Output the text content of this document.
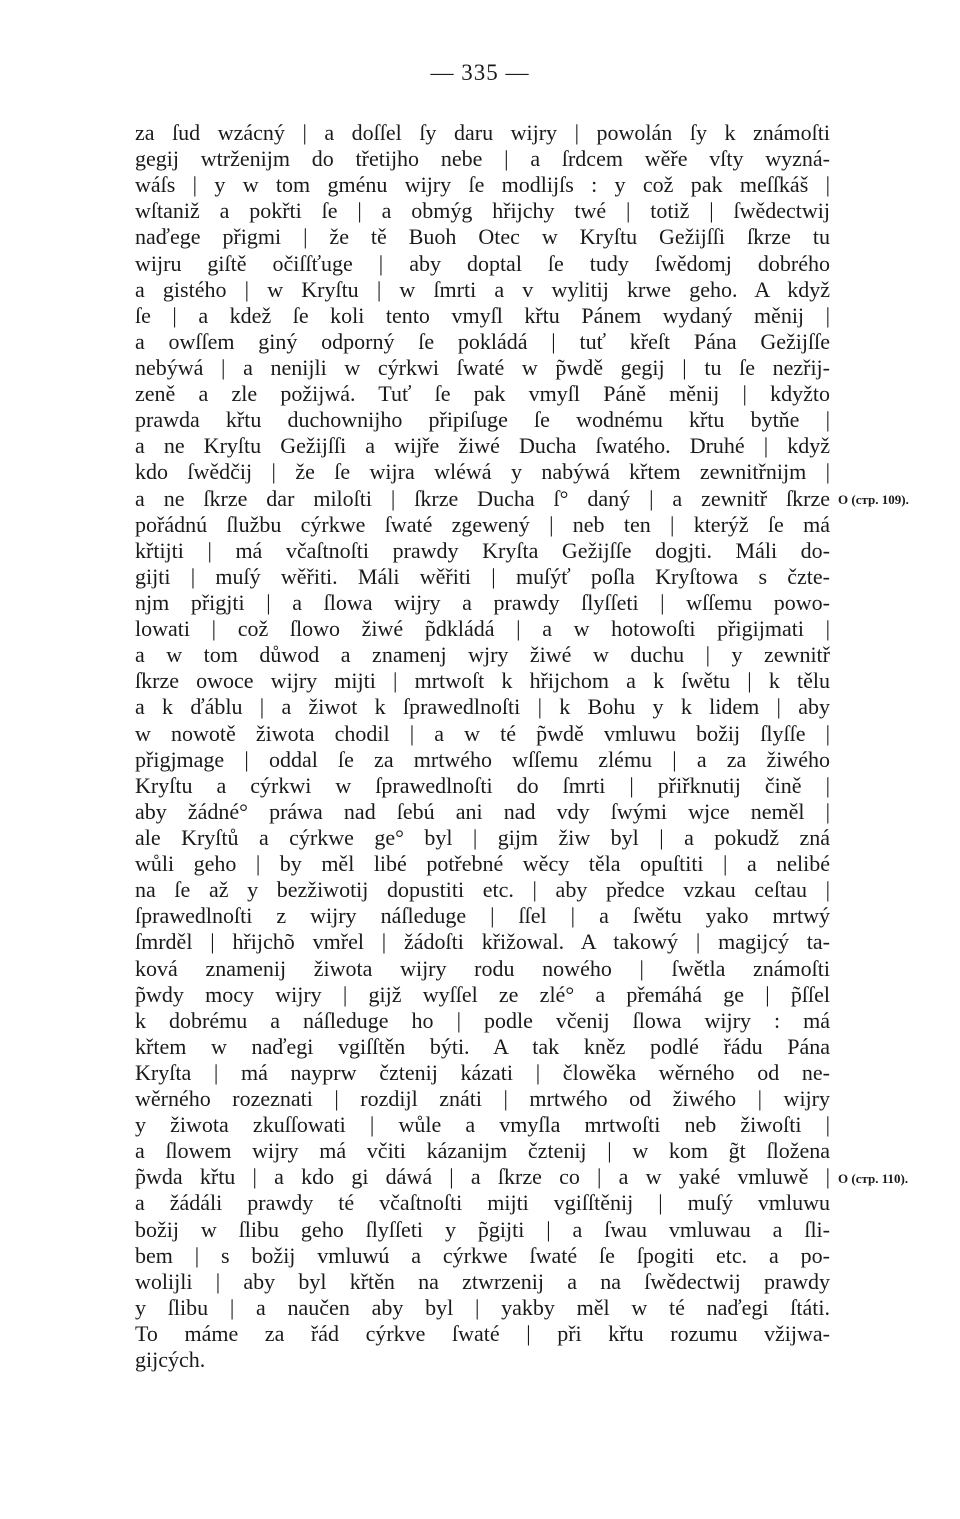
— 335 —
za ſud wzácný | a doſſel ſy daru wijry | powolán ſy k známoſti
gegij wtrženijm do třetijho nebe | a ſrdcem wěře vſty wyzná-
wáſs | y w tom gménu wijry ſe modlijſs : y což pak meſſkáš |
wſtaniž a pokřti ſe | a obmýg hřijchy twé | totiž | ſwědectwij
naďege přigmi | že tě Buoh Otec w Kryſtu Gežijſſi ſkrze tu
wijru giſtě očiſſťuge | aby doptal ſe tudy ſwědomj dobrého
a gistého | w Kryſtu | w ſmrti a v wylitij krwe geho. A když
ſe | a kdež ſe koli tento vmyſl křtu Pánem wydaný měnij |
a owſſem giný odporný ſe pokládá | tuť křeſt Pána Gežijſſe
nebýwá | a nenijli w cýrkwi ſwaté w p̃wdě gegij | tu ſe nezřij-
zeně a zle požijwá. Tuť ſe pak vmyſl Páně měnij | kdyžto
prawda křtu duchownijho připiſuge ſe wodnému křtu bytňe |
a ne Kryſtu Gežijſſi a wijře žiwé Ducha ſwatého. Druhé | když
kdo ſwědčij | že ſe wijra wléwá y nabýwá křtem zewnitřnijm |
a ne ſkrze dar miloſti | ſkrze Ducha ſ° daný | a zewnitř ſkrze
pořádnú ſlužbu cýrkwe ſwaté zgewený | neb ten | kterýž ſe má
křtijti | má včaſtnoſti prawdy Kryſta Gežijſſe dogjti. Máli do-
gijti | muſý wěřiti. Máli wěřiti | muſýť poſla Kryſtowa s čzte-
njm přigjti | a ſlowa wijry a prawdy ſlyſſeti | wſſemu powo-
lowati | což ſlowo žiwé p̃dkládá | a w hotowoſti přigijmati |
a w tom důwod a znamenj wjry žiwé w duchu | y zewnitř
ſkrze owoce wijry mijti | mrtwoſt k hřijchom a k ſwětu | k tělu
a k ďáblu | a žiwot k ſprawedlnoſti | k Bohu y k lidem | aby
w nowotě žiwota chodil | a w té p̃wdě vmluwu božij ſlyſſe |
přigjmage | oddal ſe za mrtwého wſſemu zlému | a za žiwého
Kryſtu a cýrkwi w ſprawedlnoſti do ſmrti | přiřknutij čině |
aby žádné° práwa nad ſebú ani nad vdy ſwými wjce neměl |
ale Kryſtů a cýrkwe ge° byl | gijm žiw byl | a pokudž zná
wůli geho | by měl libé potřebné wěcy těla opuſtiti | a nelibé
na ſe až y bezžiwotij dopustiti etc. | aby předce vzkau ceſtau |
ſprawedlnoſti z wijry náſleduge | ſſel | a ſwětu yako mrtwý
ſmrděl | hřijchõ vmřel | žádoſti křižowal. A takowý | magijcý ta-
ková znamenij žiwota wijry rodu nowého | ſwětla známoſti
p̃wdy mocy wijry | gijž wyſſel ze zlé° a přemáhá ge | p̃ſſel
k dobrému a náſleduge ho | podle včenij ſlowa wijry : má
křtem w naďegi vgiſſtěn býti. A tak kněz podlé řádu Pána
Kryſta | má nayprw čztenij kázati | člowěka wěrného od ne-
wěrného rozeznati | rozdijl znáti | mrtwého od žiwého | wijry
y žiwota zkuſſowati | wůle a vmyſla mrtwoſti neb žiwoſti |
a ſlowem wijry má včiti kázanijm čztenij | w kom g̃t ſložena
p̃wda křtu | a kdo gi dáwá | a ſkrze co | a w yaké vmluwě |
a žádáli prawdy té včaſtnoſti mijti vgiſſtěnij | muſý vmluwu
božij w ſlibu geho ſlyſſeti y p̃gijti | a ſwau vmluwau a ſli-
bem | s božij vmluwú a cýrkwe ſwaté ſe ſpogiti etc. a po-
wolijli | aby byl křtěn na ztwrzenij a na ſwědectwij prawdy
y ſlibu | a naučen aby byl | yakby měl w té naďegi ſtáti.
To máme za řád cýrkve ſwaté | při křtu rozumu vžijwa-
gijcých.
O (стр. 109).
O (стр. 110).
